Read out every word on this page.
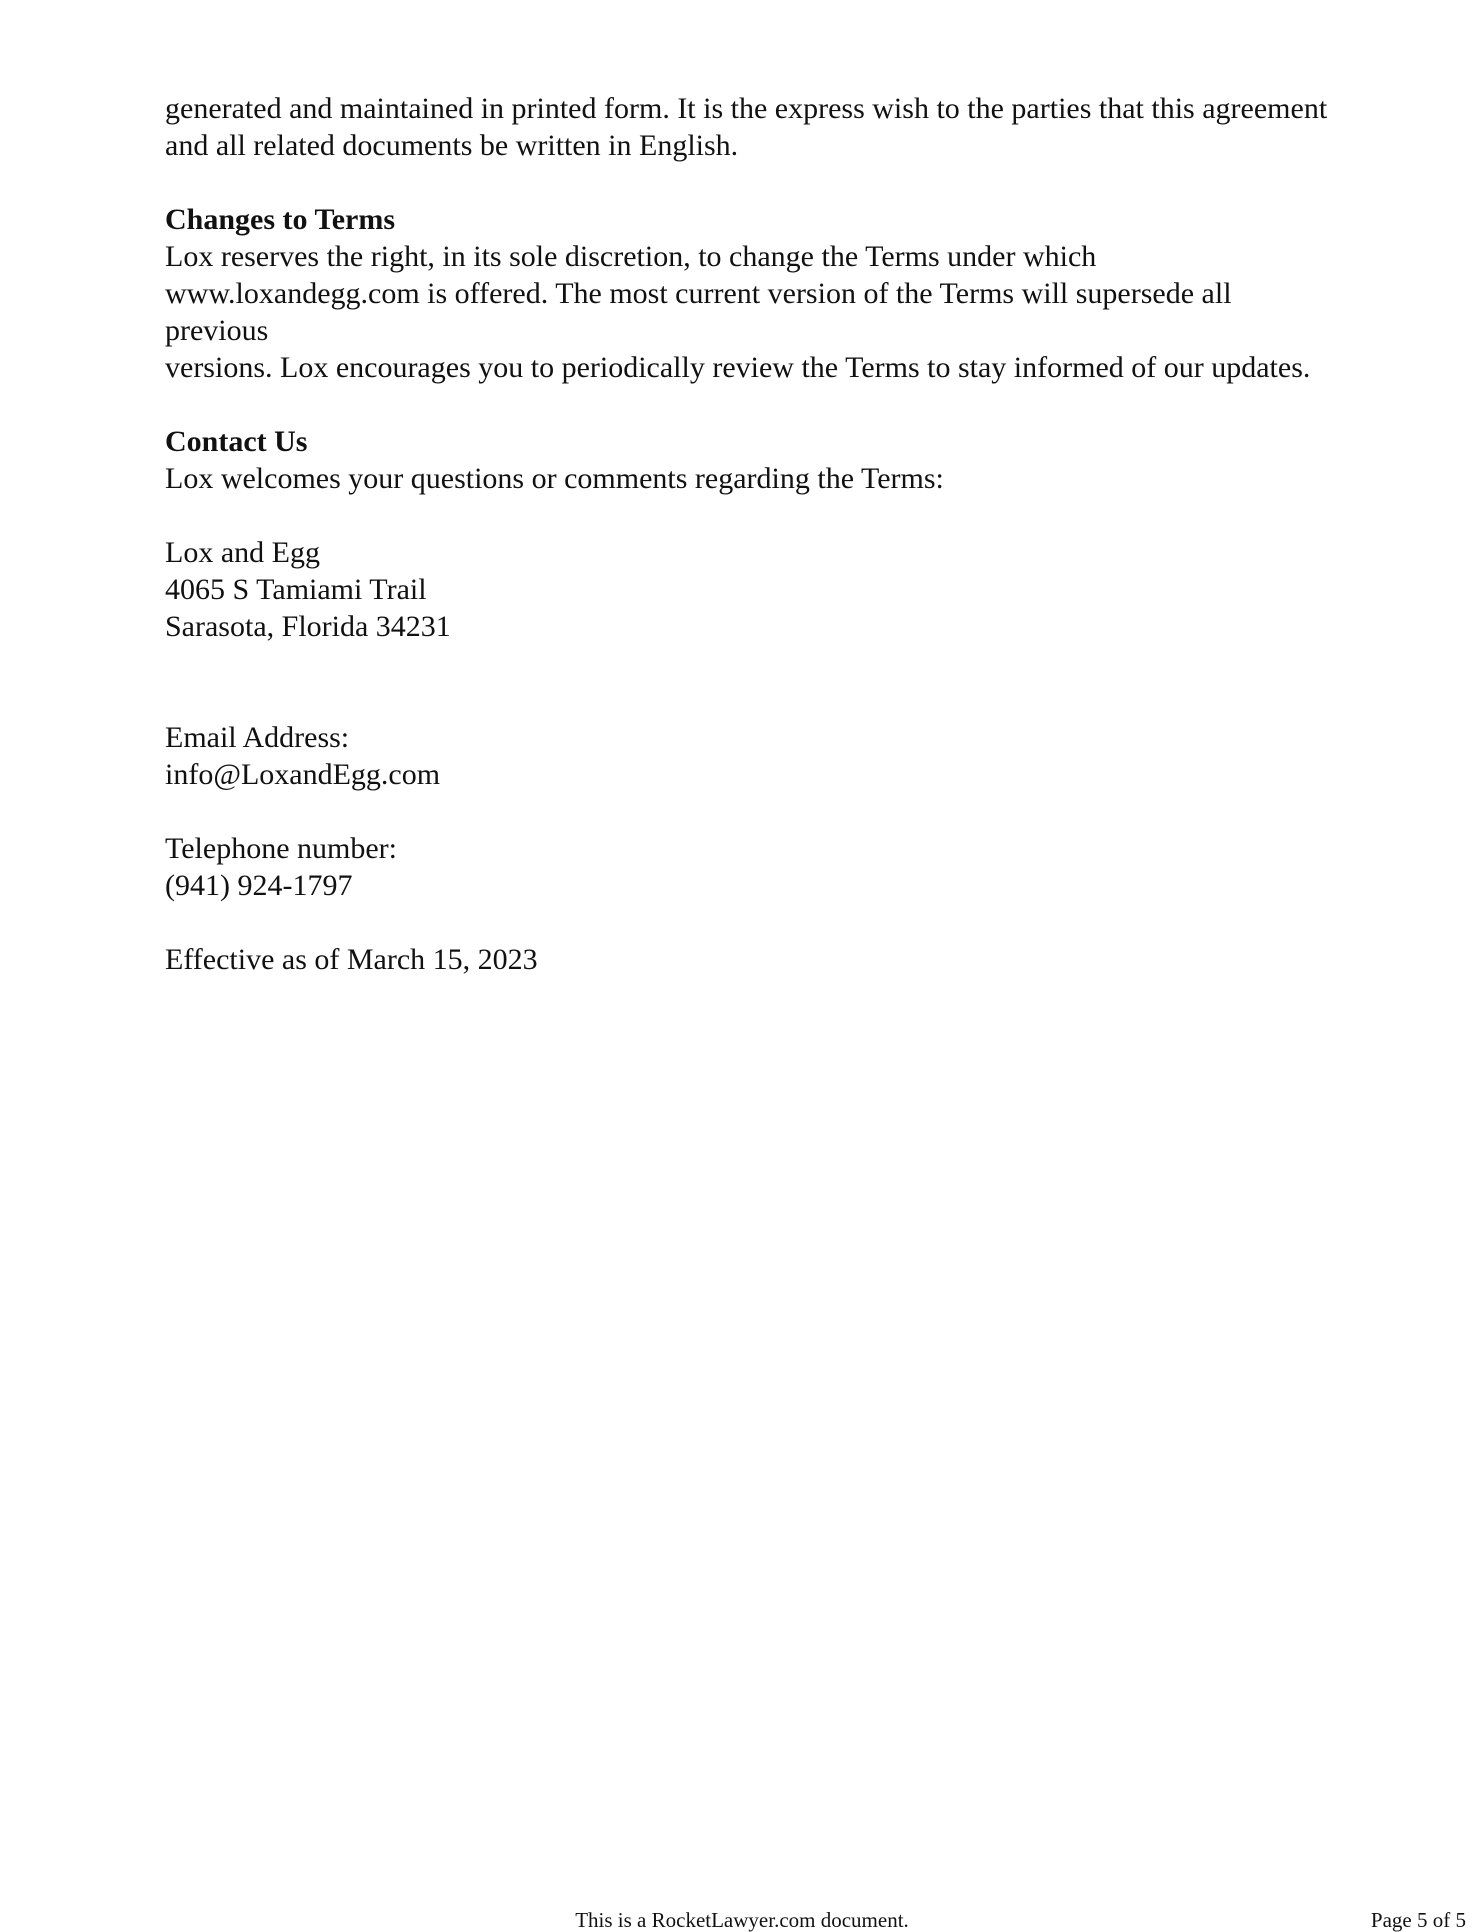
generated and maintained in printed form. It is the express wish to the parties that this agreement
and all related documents be written in English.

Changes to Terms

Lox reserves the right, in its sole discretion, to change the Terms under which
www.loxandegg.com is offered. The most current version of the Terms will supersede all previous
versions. Lox encourages you to periodically review the Terms to stay informed of our updates.

Contact Us

Lox welcomes your questions or comments regarding the Terms:

Lox and Egg
4065 S Tamiami Trail
Sarasota, Florida 34231

Email Address:
info@LoxandEgg.com

Telephone number:
(941) 924-1797

Effective as of March 15, 2023

This is a RocketLawyer.com document.	Page 5 of 5
